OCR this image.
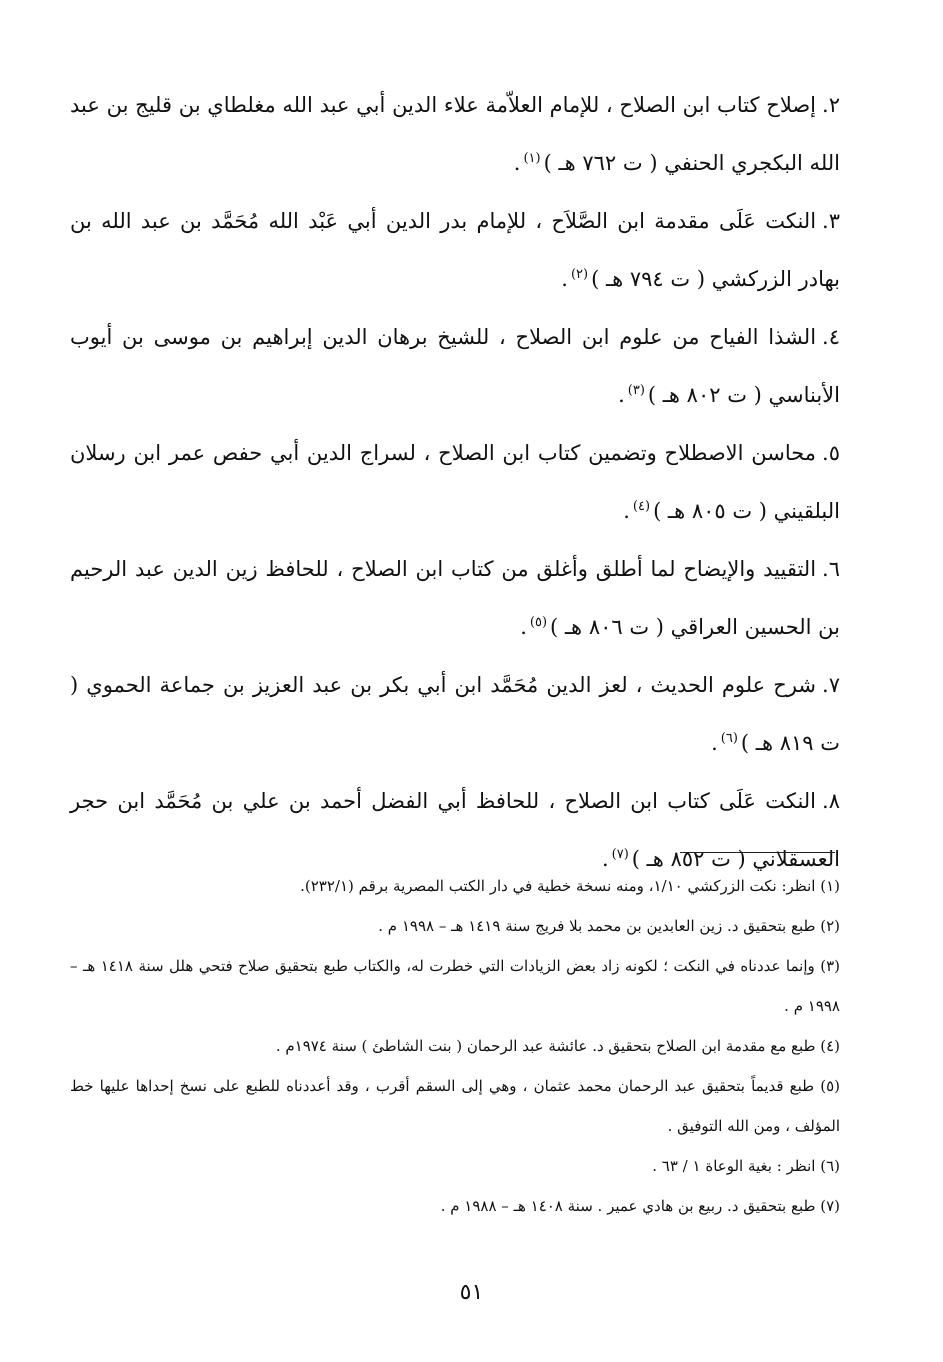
٢.إصلاح كتاب ابن الصلاح ، للإمام العلاّمة علاء الدين أبي عبد الله مغلطاي بن قليج بن عبد الله البكجري الحنفي ( ت ٧٦٢ هـ )$^{(١)}$.
٣.النكت عَلَى مقدمة ابن الصَّلاَح ، للإمام بدر الدين أبي عَبْد الله مُحَمَّد بن عبد الله بن بهادر الزركشي ( ت ٧٩٤ هـ )$^{(٢)}$.
٤.الشذا الفياح من علوم ابن الصلاح ، للشيخ برهان الدين إبراهيم بن موسى بن أيوب الأبناسي ( ت ٨٠٢ هـ )$^{(٣)}$.
٥.محاسن الاصطلاح وتضمين كتاب ابن الصلاح ، لسراج الدين أبي حفص عمر ابن رسلان البلقيني ( ت ٨٠٥ هـ )$^{(٤)}$.
٦.التقييد والإيضاح لما أطلق وأغلق من كتاب ابن الصلاح ، للحافظ زين الدين عبد الرحيم بن الحسين العراقي ( ت ٨٠٦ هـ )$^{(٥)}$.
٧.شرح علوم الحديث ، لعز الدين مُحَمَّد ابن أبي بكر بن عبد العزيز بن جماعة الحموي ( ت ٨١٩ هـ )$^{(٦)}$.
٨.النكت عَلَى كتاب ابن الصلاح ، للحافظ أبي الفضل أحمد بن علي بن مُحَمَّد ابن حجر العسقلاني ( ت ٨٥٢ هـ )$^{(٧)}$.
(١) انظر: نكت الزركشي ١/١٠، ومنه نسخة خطية في دار الكتب المصرية برقم (٢٣٢/١).
(٢) طبع بتحقيق د. زين العابدين بن محمد بلا فريج سنة ١٤١٩ هـ – ١٩٩٨ م .
(٣) وإنما عددناه في النكت ؛ لكونه زاد بعض الزيادات التي خطرت له، والكتاب طبع بتحقيق صلاح فتحي هلل سنة ١٤١٨ هـ – ١٩٩٨ م .
(٤) طبع مع مقدمة ابن الصلاح بتحقيق د. عائشة عبد الرحمان ( بنت الشاطئ ) سنة ١٩٧٤م .
(٥) طبع قديماً بتحقيق عبد الرحمان محمد عثمان ، وهي إلى السقم أقرب ، وقد أعددناه للطبع على نسخ إحداها عليها خط المؤلف ، ومن الله التوفيق .
(٦) انظر : بغية الوعاة ١ / ٦٣ .
(٧) طبع بتحقيق د. ربيع بن هادي عمير . سنة ١٤٠٨ هـ – ١٩٨٨ م .
٥١
